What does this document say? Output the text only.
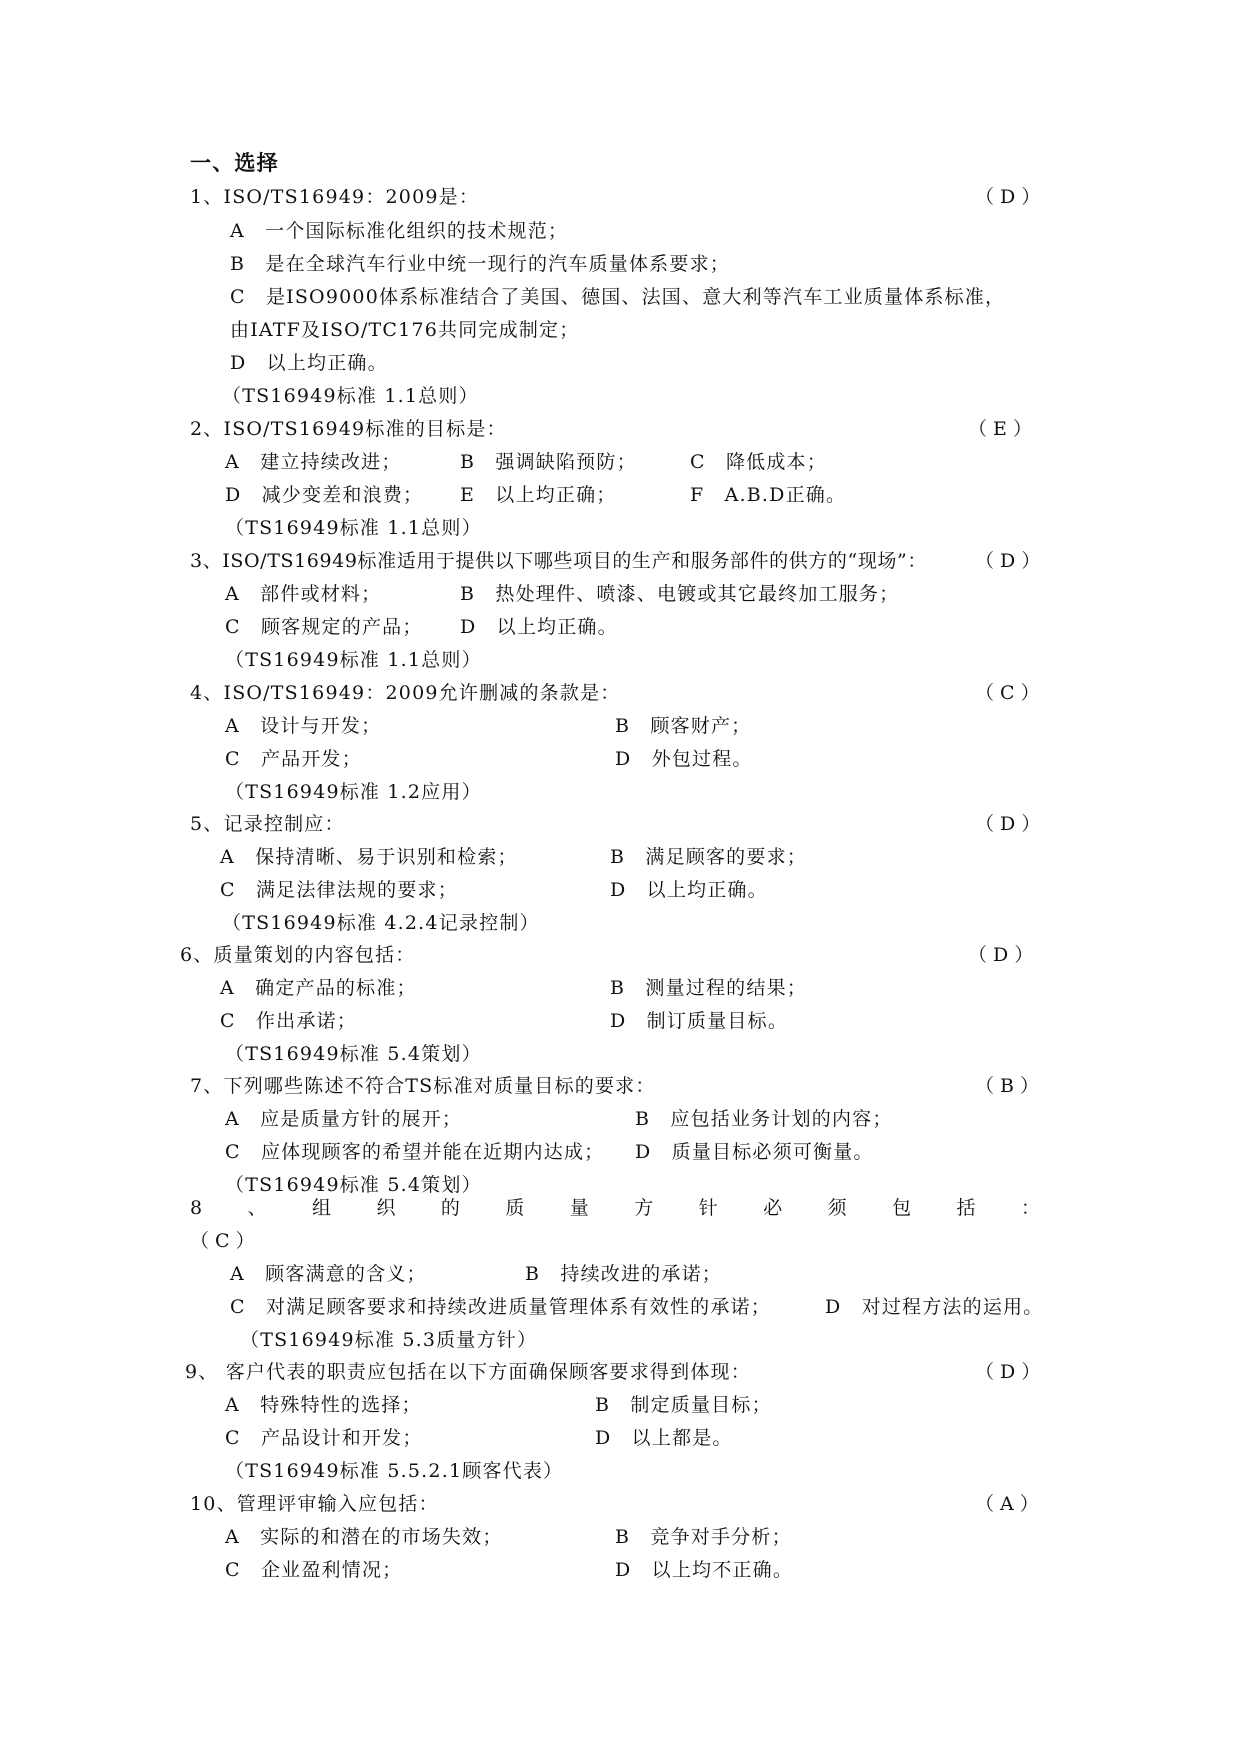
一、选择
1、ISO/TS16949：2009是：	（ D ）
A　一个国际标准化组织的技术规范；
B　是在全球汽车行业中统一现行的汽车质量体系要求；
C　是ISO9000体系标准结合了美国、德国、法国、意大利等汽车工业质量体系标准，
由IATF及ISO/TC176共同完成制定；
D　以上均正确。
（TS16949标准 1.1总则）
2、ISO/TS16949标准的目标是：	（ E ）
A　建立持续改进；	B　强调缺陷预防；	C　降低成本；
D　减少变差和浪费； E　以上均正确；	F　A.B.D正确。
（TS16949标准 1.1总则）
3、ISO/TS16949标准适用于提供以下哪些项目的生产和服务部件的供方的“现场”：	（ D ）
A　部件或材料；	B　热处理件、喷漆、电镀或其它最终加工服务；
C　顾客规定的产品； D　以上均正确。
（TS16949标准 1.1总则）
4、ISO/TS16949：2009允许删减的条款是：	（ C ）
A　设计与开发；	B　顾客财产；
C　产品开发；	D　外包过程。
（TS16949标准 1.2应用）
5、记录控制应：	（ D ）
A　保持清晰、易于识别和检索；	B　满足顾客的要求；
C　满足法律法规的要求；	D　以上均正确。
（TS16949标准 4.2.4记录控制）
6、质量策划的内容包括：	（ D ）
A　确定产品的标准；	B　测量过程的结果；
C　作出承诺；	D　制订质量目标。
（TS16949标准 5.4策划）
7、下列哪些陈述不符合TS标准对质量目标的要求：	（ B ）
A　应是质量方针的展开；	B　应包括业务计划的内容；
C　应体现顾客的希望并能在近期内达成； D　质量目标必须可衡量。
（TS16949标准 5.4策划）
8 、 组 织 的 质 量 方 针 必 须 包 括 ：
（ C ）
A　顾客满意的含义；	B　持续改进的承诺；
C　对满足顾客要求和持续改进质量管理体系有效性的承诺；	D　对过程方法的运用。
（TS16949标准 5.3质量方针）
9、 客户代表的职责应包括在以下方面确保顾客要求得到体现：	（ D ）
A　特殊特性的选择；	B　制定质量目标；
C　产品设计和开发；	D　以上都是。
（TS16949标准 5.5.2.1顾客代表）
10、管理评审输入应包括：	（ A ）
A　实际的和潜在的市场失效；	B　竞争对手分析；
C　企业盈利情况；	D　以上均不正确。
